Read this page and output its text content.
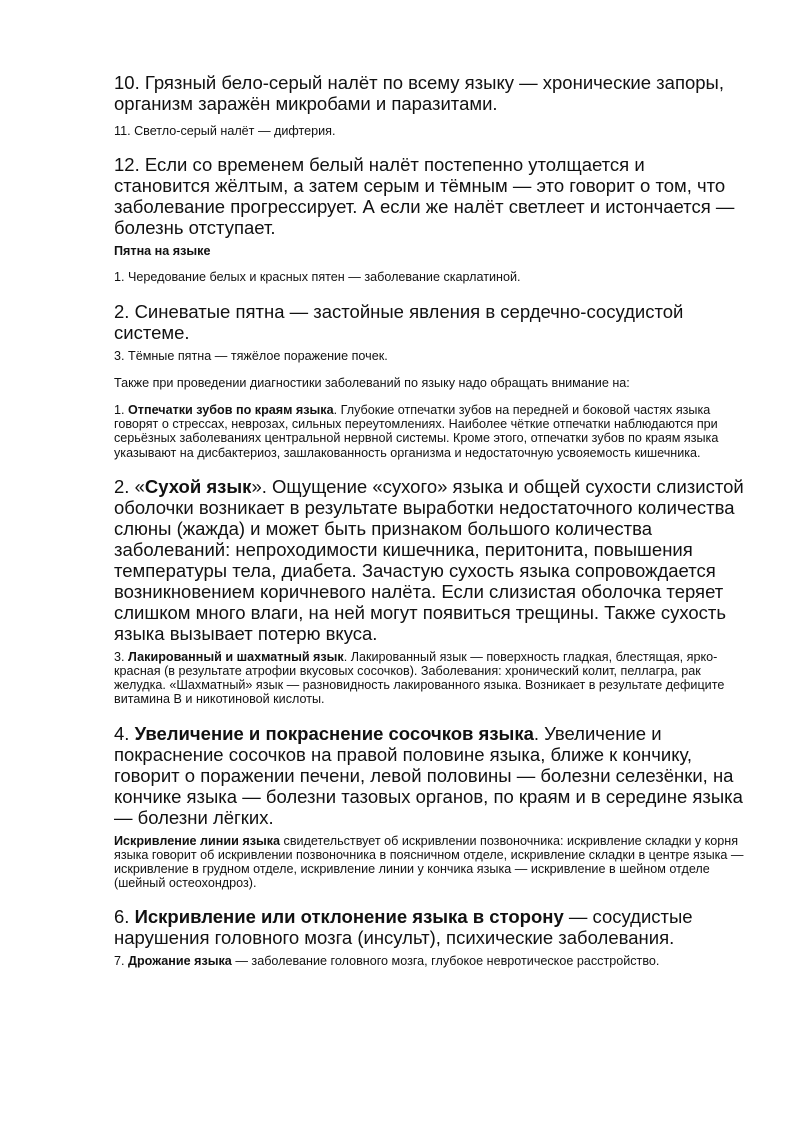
10. Грязный бело-серый налёт по всему языку — хронические запоры, организм заражён микробами и паразитами.

11. Светло-серый налёт — дифтерия.

12. Если со временем белый налёт постепенно утолщается и становится жёлтым, а затем серым и тёмным — это говорит о том, что заболевание прогрессирует. А если же налёт светлеет и истончается — болезнь отступает.

Пятна на языке

1. Чередование белых и красных пятен — заболевание скарлатиной.

2. Синеватые пятна — застойные явления в сердечно-сосудистой системе.

3. Тёмные пятна — тяжёлое поражение почек.

Также при проведении диагностики заболеваний по языку надо обращать внимание на:

1. Отпечатки зубов по краям языка. Глубокие отпечатки зубов на передней и боковой частях языка говорят о стрессах, неврозах, сильных переутомлениях. Наиболее чёткие отпечатки наблюдаются при серьёзных заболеваниях центральной нервной системы. Кроме этого, отпечатки зубов по краям языка указывают на дисбактериоз, зашлакованность организма и недостаточную усвояемость кишечника.

2. «Сухой язык». Ощущение «сухого» языка и общей сухости слизистой оболочки возникает в результате выработки недостаточного количества слюны (жажда) и может быть признаком большого количества заболеваний: непроходимости кишечника, перитонита, повышения температуры тела, диабета. Зачастую сухость языка сопровождается возникновением коричневого налёта. Если слизистая оболочка теряет слишком много влаги, на ней могут появиться трещины. Также сухость языка вызывает потерю вкуса.

3. Лакированный и шахматный язык. Лакированный язык — поверхность гладкая, блестящая, ярко-красная (в результате атрофии вкусовых сосочков). Заболевания: хронический колит, пеллагра, рак желудка. «Шахматный» язык — разновидность лакированного языка. Возникает в результате дефиците витамина В и никотиновой кислоты.

4. Увеличение и покраснение сосочков языка. Увеличение и покраснение сосочков на правой половине языка, ближе к кончику, говорит о поражении печени, левой половины — болезни селезёнки, на кончике языка — болезни тазовых органов, по краям и в середине языка — болезни лёгких.

Искривление линии языка свидетельствует об искривлении позвоночника: искривление складки у корня языка говорит об искривлении позвоночника в поясничном отделе, искривление складки в центре языка — искривление в грудном отделе, искривление линии у кончика языка — искривление в шейном отделе (шейный остеохондроз).

6. Искривление или отклонение языка в сторону — сосудистые нарушения головного мозга (инсульт), психические заболевания.

7. Дрожание языка — заболевание головного мозга, глубокое невротическое расстройство.
